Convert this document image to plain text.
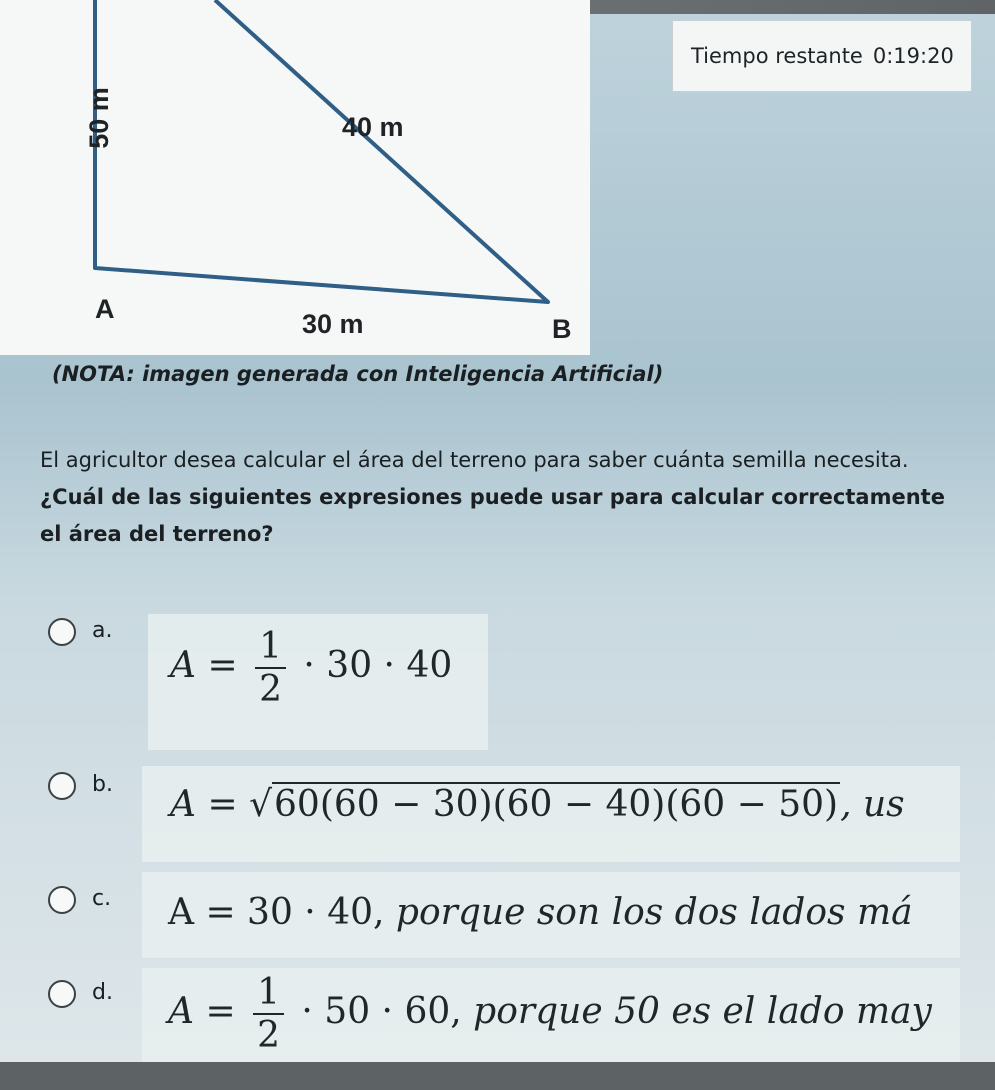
50 m	40 m
A	30 m	B
Tiempo restante 0:19:20
(NOTA: imagen generada con Inteligencia Artificial)
El agricultor desea calcular el área del terreno para saber cuánta semilla necesita. ¿Cuál de las siguientes expresiones puede usar para calcular correctamente el área del terreno?
a.
$A = \frac{1}{2} \cdot 30 \cdot 40$
b.	A = √60(60 − 30)(60 − 40)(60 − 50), us
c.	A = 30 · 40, porque son los dos lados má
d.	$A = \frac{1}{2} \cdot 50 \cdot 60$, porque 50 es el lado may
